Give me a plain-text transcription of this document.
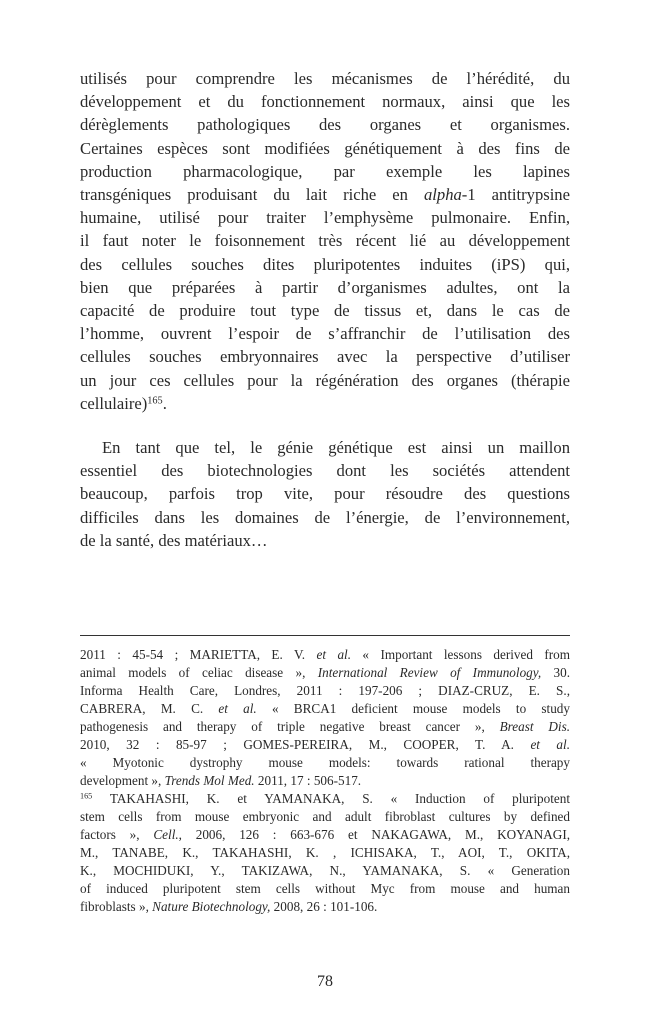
utilisés pour comprendre les mécanismes de l’hérédité, du
développement et du fonctionnement normaux, ainsi que les
dérèglements pathologiques des organes et organismes.
Certaines espèces sont modifiées génétiquement à des fins de
production pharmacologique, par exemple les lapines
transgéniques produisant du lait riche en alpha-1 antitrypsine
humaine, utilisé pour traiter l’emphysème pulmonaire. Enfin,
il faut noter le foisonnement très récent lié au développement
des cellules souches dites pluripotentes induites (iPS) qui,
bien que préparées à partir d’organismes adultes, ont la
capacité de produire tout type de tissus et, dans le cas de
l’homme, ouvrent l’espoir de s’affranchir de l’utilisation des
cellules souches embryonnaires avec la perspective d’utiliser
un jour ces cellules pour la régénération des organes (thérapie
cellulaire)$^{165}$.
En tant que tel, le génie génétique est ainsi un maillon
essentiel des biotechnologies dont les sociétés attendent
beaucoup, parfois trop vite, pour résoudre des questions
difficiles dans les domaines de l’énergie, de l’environnement,
de la santé, des matériaux…
2011 : 45-54 ; MARIETTA, E. V. et al. « Important lessons derived from
animal models of celiac disease », International Review of Immunology, 30.
Informa Health Care, Londres, 2011 : 197-206 ; DIAZ-CRUZ, E. S.,
CABRERA, M. C. et al. « BRCA1 deficient mouse models to study
pathogenesis and therapy of triple negative breast cancer », Breast Dis.
2010, 32 : 85-97 ; GOMES-PEREIRA, M., COOPER, T. A. et al.
« Myotonic dystrophy mouse models: towards rational therapy
development », Trends Mol Med. 2011, 17 : 506-517.
$^{165}$ TAKAHASHI, K. et YAMANAKA, S. « Induction of pluripotent
stem cells from mouse embryonic and adult fibroblast cultures by defined
factors », Cell., 2006, 126 : 663-676 et NAKAGAWA, M., KOYANAGI,
M., TANABE, K., TAKAHASHI, K. , ICHISAKA, T., AOI, T., OKITA,
K., MOCHIDUKI, Y., TAKIZAWA, N., YAMANAKA, S. « Generation
of induced pluripotent stem cells without Myc from mouse and human
fibroblasts », Nature Biotechnology, 2008, 26 : 101-106.
78
